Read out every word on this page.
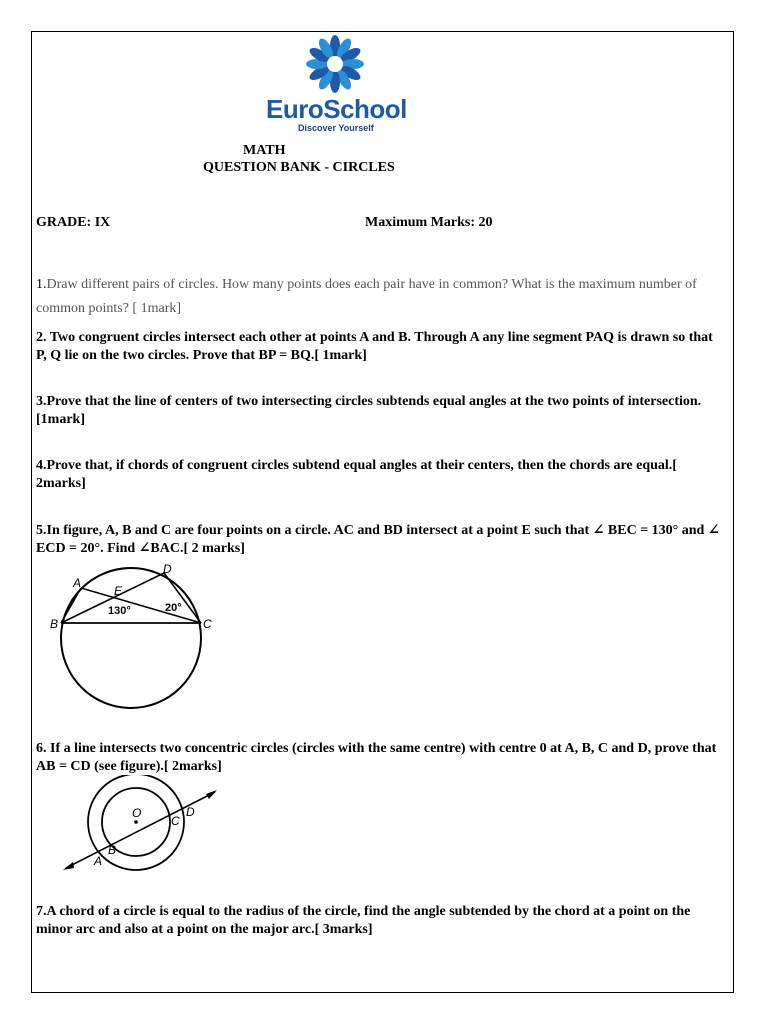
EuroSchool
Discover Yourself
MATH
QUESTION BANK - CIRCLES
GRADE: IX	Maximum Marks: 20
1.Draw different pairs of circles. How many points does each pair have in common? What is the maximum number of common points? [ 1mark]
2. Two congruent circles intersect each other at points A and B. Through A any line segment PAQ is drawn so that P, Q lie on the two circles. Prove that BP = BQ.[ 1mark]
3.Prove that the line of centers of two intersecting circles subtends equal angles at the two points of intersection. [1mark]
4.Prove that, if chords of congruent circles subtend equal angles at their centers, then the chords are equal.[ 2marks]
5.In figure, A, B and C are four points on a circle. AC and BD intersect at a point E such that ∠ BEC = 130° and ∠ ECD = 20°. Find ∠BAC.[ 2 marks]
A
B	C
D
E
130°	20°
6. If a line intersects two concentric circles (circles with the same centre) with centre 0 at A, B, C and D, prove that AB = CD (see figure).[ 2marks]
O
A
B
C
D
7.A chord of a circle is equal to the radius of the circle, find the angle subtended by the chord at a point on the minor arc and also at a point on the major arc.[ 3marks]
